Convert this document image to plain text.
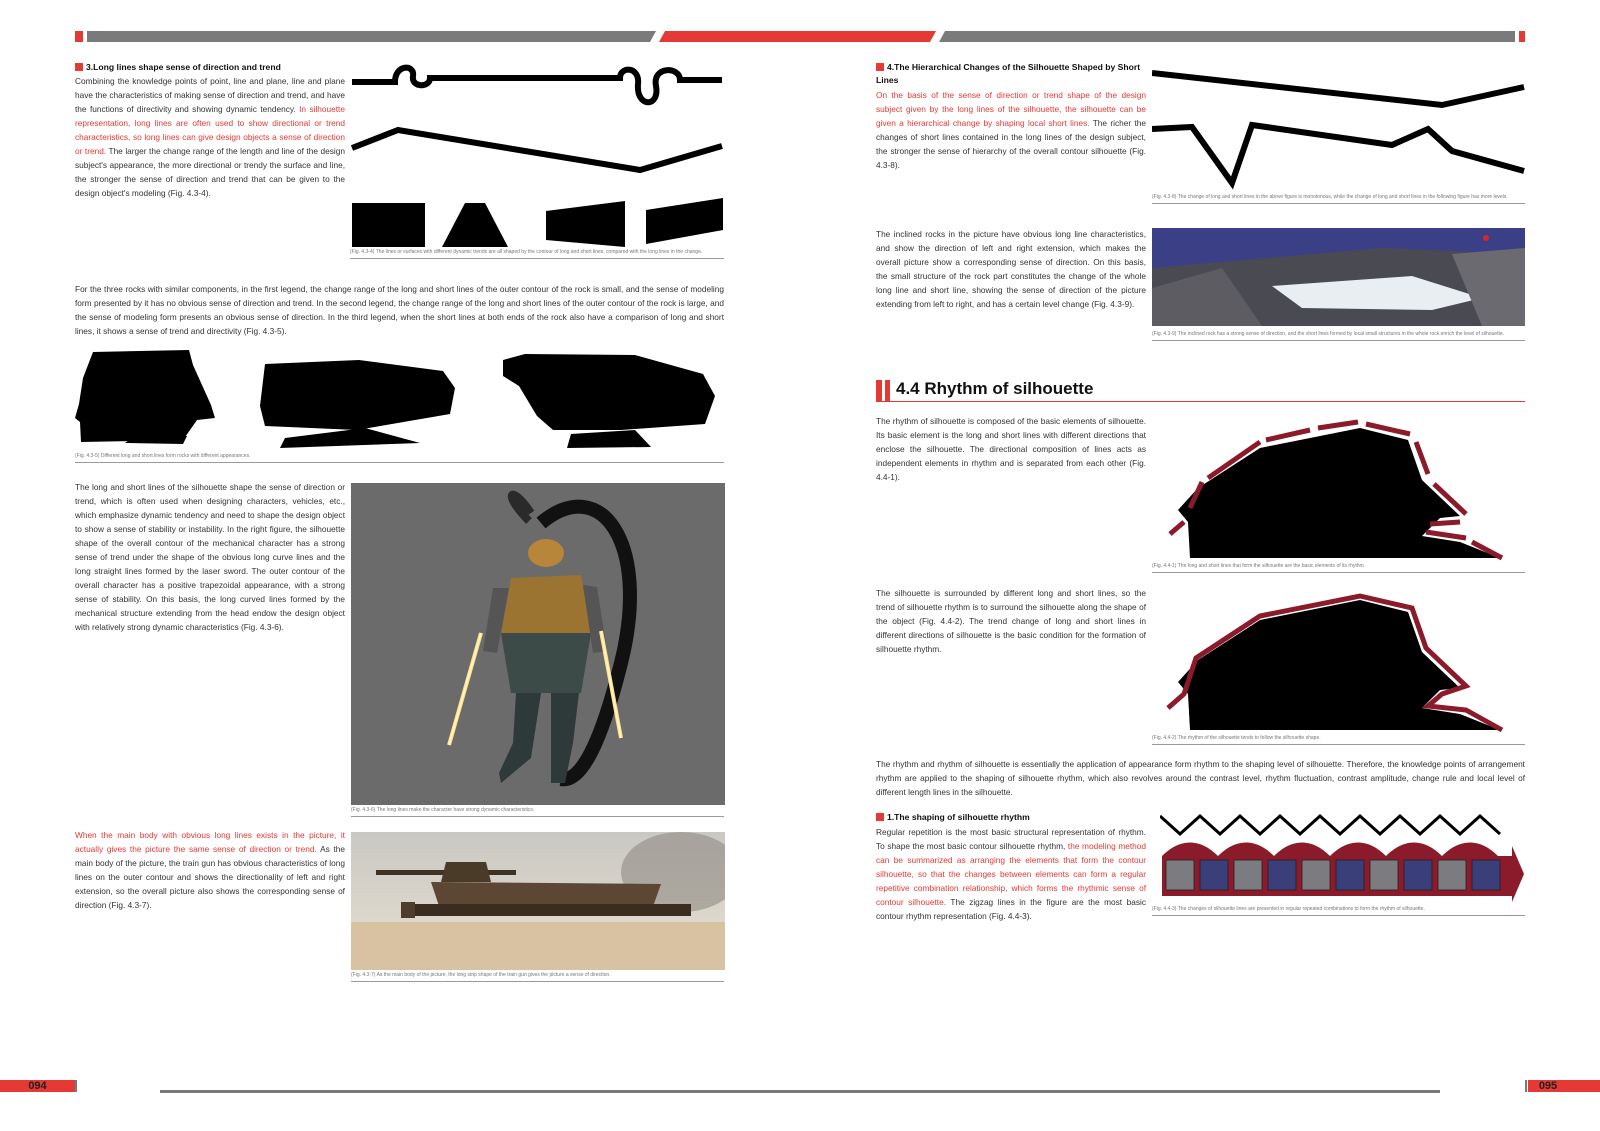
3.Long lines shape sense of direction and trend

Combining the knowledge points of point, line and plane, line and plane have the characteristics of making sense of direction and trend, and have the functions of directivity and showing dynamic tendency. In silhouette representation, long lines are often used to show directional or trend characteristics, so long lines can give design objects a sense of direction or trend. The larger the change range of the length and line of the design subject's appearance, the more directional or trendy the surface and line, the stronger the sense of direction and trend that can be given to the design object's modeling (Fig. 4.3-4).

(Fig. 4.3-4) The lines or surfaces with different dynamic trends are all shaped by the contour of long and short lines, compared with the long lines in the change.

For the three rocks with similar components, in the first legend, the change range of the long and short lines of the outer contour of the rock is small, and the sense of modeling form presented by it has no obvious sense of direction and trend. In the second legend, the change range of the long and short lines of the outer contour of the rock is large, and the sense of modeling form presents an obvious sense of direction. In the third legend, when the short lines at both ends of the rock also have a comparison of long and short lines, it shows a sense of trend and directivity (Fig. 4.3-5).

(Fig. 4.3-5) Different long and short lines form rocks with different appearances.

The long and short lines of the silhouette shape the sense of direction or trend, which is often used when designing characters, vehicles, etc., which emphasize dynamic tendency and need to shape the design object to show a sense of stability or instability. In the right figure, the silhouette shape of the overall contour of the mechanical character has a strong sense of trend under the shape of the obvious long curve lines and the long straight lines formed by the laser sword. The outer contour of the overall character has a positive trapezoidal appearance, with a strong sense of stability. On this basis, the long curved lines formed by the mechanical structure extending from the head endow the design object with relatively strong dynamic characteristics (Fig. 4.3-6).

(Fig. 4.3-6) The long lines make the character have strong dynamic characteristics.

When the main body with obvious long lines exists in the picture, it actually gives the picture the same sense of direction or trend. As the main body of the picture, the train gun has obvious characteristics of long lines on the outer contour and shows the directionality of left and right extension, so the overall picture also shows the corresponding sense of direction (Fig. 4.3-7).

(Fig. 4.3-7) As the main body of the picture, the long strip shape of the train gun gives the picture a sense of direction.
4.The Hierarchical Changes of the Silhouette Shaped by Short Lines

On the basis of the sense of direction or trend shape of the design subject given by the long lines of the silhouette, the silhouette can be given a hierarchical change by shaping local short lines. The richer the changes of short lines contained in the long lines of the design subject, the stronger the sense of hierarchy of the overall contour silhouette (Fig. 4.3-8).

(Fig. 4.3-8) The change of long and short lines in the above figure is monotonous, while the change of long and short lines in the following figure has more levels.

The inclined rocks in the picture have obvious long line characteristics, and show the direction of left and right extension, which makes the overall picture show a corresponding sense of direction. On this basis, the small structure of the rock part constitutes the change of the whole long line and short line, showing the sense of direction of the picture extending from left to right, and has a certain level change (Fig. 4.3-9).

(Fig. 4.3-9) The inclined rock has a strong sense of direction, and the short lines formed by local small structures in the whole rock enrich the level of silhouette.
4.4 Rhythm of silhouette

The rhythm of silhouette is composed of the basic elements of silhouette. Its basic element is the long and short lines with different directions that enclose the silhouette. The directional composition of lines acts as independent elements in rhythm and is separated from each other (Fig. 4.4-1).

(Fig. 4.4-1) The long and short lines that form the silhouette are the basic elements of its rhythm.

The silhouette is surrounded by different long and short lines, so the trend of silhouette rhythm is to surround the silhouette along the shape of the object (Fig. 4.4-2). The trend change of long and short lines in different directions of silhouette is the basic condition for the formation of silhouette rhythm.

(Fig. 4.4-2) The rhythm of the silhouette tends to follow the silhouette shape.

The rhythm and rhythm of silhouette is essentially the application of appearance form rhythm to the shaping level of silhouette. Therefore, the knowledge points of arrangement rhythm are applied to the shaping of silhouette rhythm, which also revolves around the contrast level, rhythm fluctuation, contrast amplitude, change rule and local level of different length lines in the silhouette.

1.The shaping of silhouette rhythm

Regular repetition is the most basic structural representation of rhythm. To shape the most basic contour silhouette rhythm, the modeling method can be summarized as arranging the elements that form the contour silhouette, so that the changes between elements can form a regular repetitive combination relationship, which forms the rhythmic sense of contour silhouette. The zigzag lines in the figure are the most basic contour rhythm representation (Fig. 4.4-3).

(Fig. 4.4-3) The changes of silhouette lines are presented in regular repeated combinations to form the rhythm of silhouette.
094	095
